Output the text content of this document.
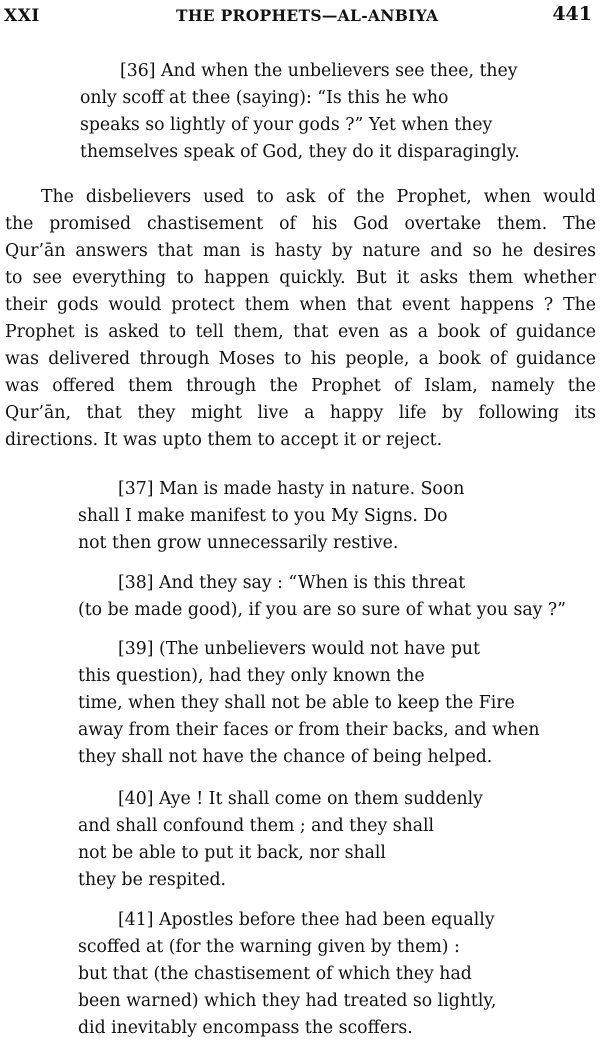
XXI	THE PROPHETS—AL-ANBIYA	441
[36] And when the unbelievers see thee, they
only scoff at thee (saying): “Is this he who
speaks so lightly of your gods ?” Yet when they
themselves speak of God, they do it disparagingly.
The disbelievers used to ask of the Prophet, when would
the promised chastisement of his God overtake them. The
Qur’ān answers that man is hasty by nature and so he desires
to see everything to happen quickly. But it asks them whether
their gods would protect them when that event happens ? The
Prophet is asked to tell them, that even as a book of guidance
was delivered through Moses to his people, a book of guidance
was offered them through the Prophet of Islam, namely the
Qur’ān, that they might live a happy life by following its
directions. It was upto them to accept it or reject.
[37] Man is made hasty in nature. Soon
shall I make manifest to you My Signs. Do
not then grow unnecessarily restive.
[38] And they say : “When is this threat
(to be made good), if you are so sure of what you say ?”
[39] (The unbelievers would not have put
this question), had they only known the
time, when they shall not be able to keep the Fire
away from their faces or from their backs, and when
they shall not have the chance of being helped.
[40] Aye ! It shall come on them suddenly
and shall confound them ; and they shall
not be able to put it back, nor shall
they be respited.
[41] Apostles before thee had been equally
scoffed at (for the warning given by them) :
but that (the chastisement of which they had
been warned) which they had treated so lightly,
did inevitably encompass the scoffers.
